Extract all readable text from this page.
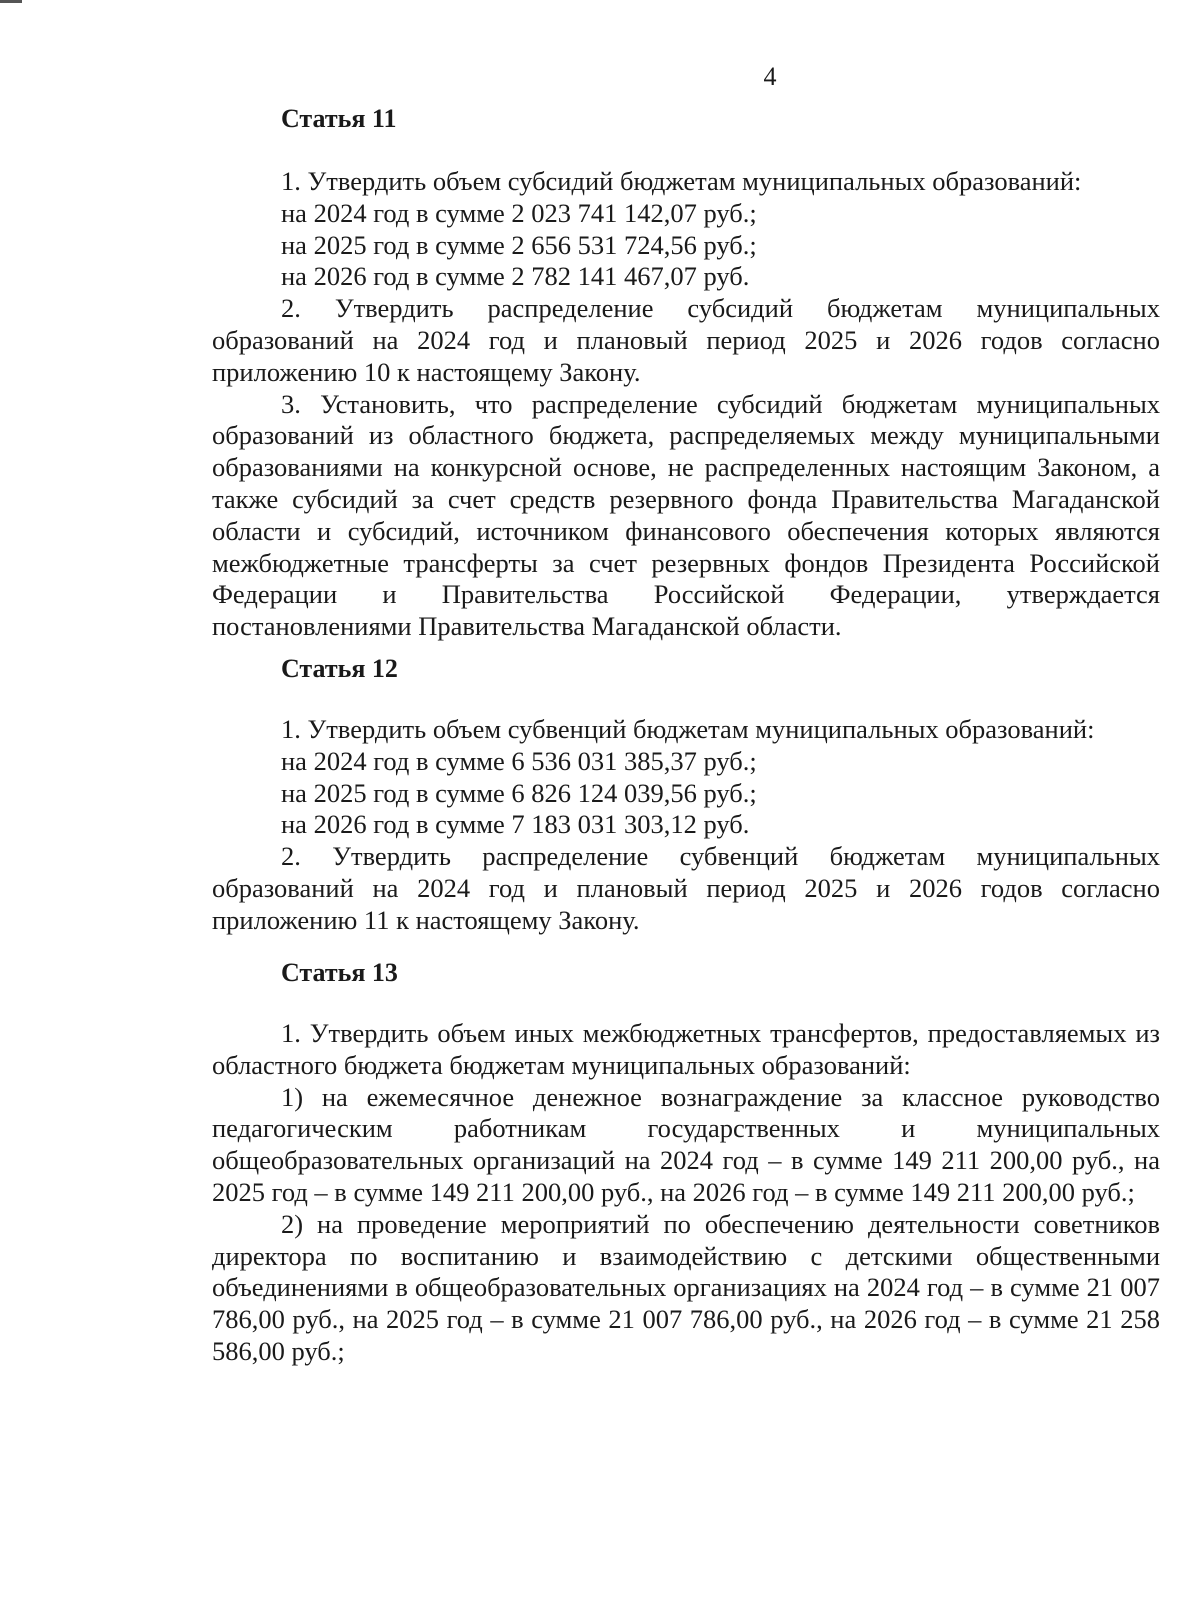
4
Статья 11

1. Утвердить объем субсидий бюджетам муниципальных образований:

на 2024 год в сумме 2 023 741 142,07 руб.;

на 2025 год в сумме 2 656 531 724,56 руб.;

на 2026 год в сумме 2 782 141 467,07 руб.

2. Утвердить распределение субсидий бюджетам муниципальных образований на 2024 год и плановый период 2025 и 2026 годов согласно приложению 10 к настоящему Закону.

3. Установить, что распределение субсидий бюджетам муниципальных образований из областного бюджета, распределяемых между муниципальными образованиями на конкурсной основе, не распределенных настоящим Законом, а также субсидий за счет средств резервного фонда Правительства Магаданской области и субсидий, источником финансового обеспечения которых являются межбюджетные трансферты за счет резервных фондов Президента Российской Федерации и Правительства Российской Федерации, утверждается постановлениями Правительства Магаданской области.

Статья 12

1. Утвердить объем субвенций бюджетам муниципальных образований:

на 2024 год в сумме 6 536 031 385,37 руб.;

на 2025 год в сумме 6 826 124 039,56 руб.;

на 2026 год в сумме 7 183 031 303,12 руб.

2. Утвердить распределение субвенций бюджетам муниципальных образований на 2024 год и плановый период 2025 и 2026 годов согласно приложению 11 к настоящему Закону.

Статья 13

1. Утвердить объем иных межбюджетных трансфертов, предоставляемых из областного бюджета бюджетам муниципальных образований:

1) на ежемесячное денежное вознаграждение за классное руководство педагогическим работникам государственных и муниципальных общеобразовательных организаций на 2024 год – в сумме 149 211 200,00 руб., на 2025 год – в сумме 149 211 200,00 руб., на 2026 год – в сумме 149 211 200,00 руб.;

2) на проведение мероприятий по обеспечению деятельности советников директора по воспитанию и взаимодействию с детскими общественными объединениями в общеобразовательных организациях на 2024 год – в сумме 21 007 786,00 руб., на 2025 год – в сумме 21 007 786,00 руб., на 2026 год – в сумме 21 258 586,00 руб.;
